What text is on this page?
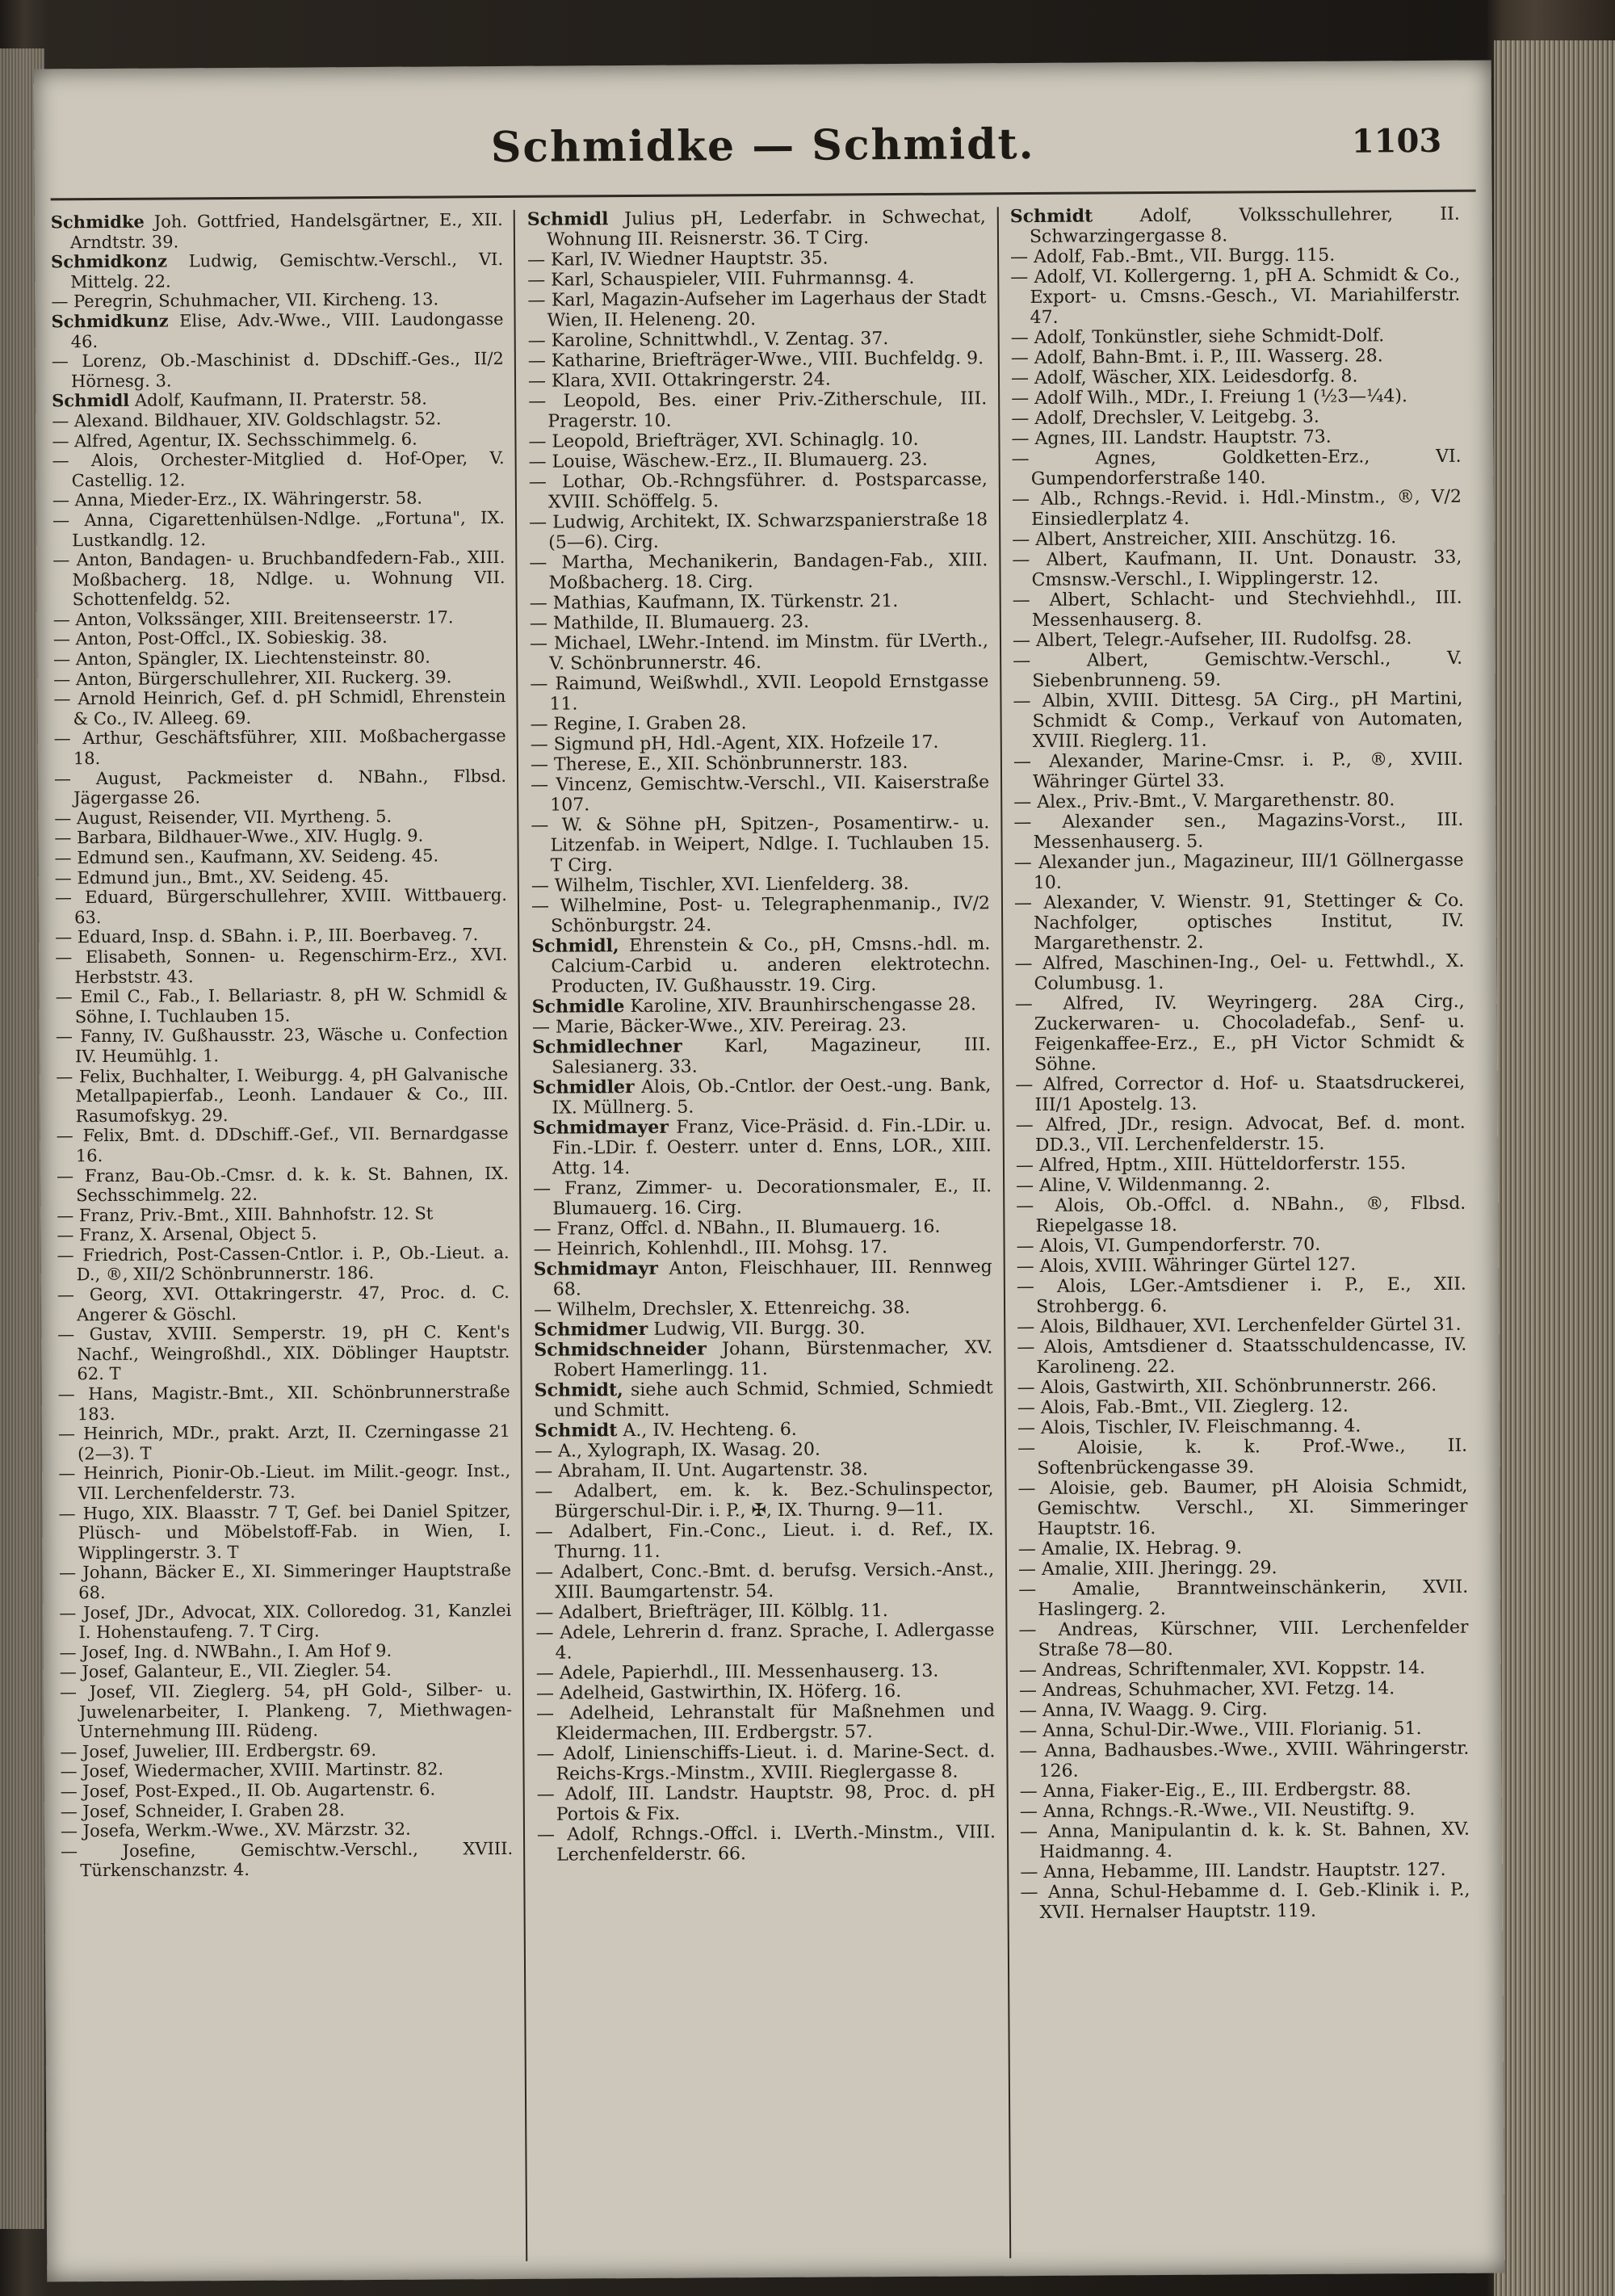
Schmidke — Schmidt.	1103

Schmidke Joh. Gottfried, Handelsgärtner, E., XII. Arndtstr. 39.

Schmidkonz Ludwig, Gemischtw.-Verschl., VI. Mittelg. 22.

— Peregrin, Schuhmacher, VII. Kircheng. 13.

Schmidkunz Elise, Adv.-Wwe., VIII. Laudongasse 46.

— Lorenz, Ob.-Maschinist d. DDschiff.-Ges., II/2 Hörnesg. 3.

Schmidl Adolf, Kaufmann, II. Praterstr. 58.

— Alexand. Bildhauer, XIV. Goldschlagstr. 52.

— Alfred, Agentur, IX. Sechsschimmelg. 6.

— Alois, Orchester-Mitglied d. Hof-Oper, V. Castellig. 12.

— Anna, Mieder-Erz., IX. Währingerstr. 58.

— Anna, Cigarettenhülsen-Ndlge. „Fortuna", IX. Lustkandlg. 12.

— Anton, Bandagen- u. Bruchbandfedern-Fab., XIII. Moßbacherg. 18, Ndlge. u. Wohnung VII. Schottenfeldg. 52.

— Anton, Volkssänger, XIII. Breitenseerstr. 17.

— Anton, Post-Offcl., IX. Sobieskig. 38.

— Anton, Spängler, IX. Liechtensteinstr. 80.

— Anton, Bürgerschullehrer, XII. Ruckerg. 39.

— Arnold Heinrich, Gef. d. pH Schmidl, Ehrenstein & Co., IV. Alleeg. 69.

— Arthur, Geschäftsführer, XIII. Moßbachergasse 18.

— August, Packmeister d. NBahn., Flbsd. Jägergasse 26.

— August, Reisender, VII. Myrtheng. 5.

— Barbara, Bildhauer-Wwe., XIV. Huglg. 9.

— Edmund sen., Kaufmann, XV. Seideng. 45.

— Edmund jun., Bmt., XV. Seideng. 45.

— Eduard, Bürgerschullehrer, XVIII. Wittbauerg. 63.

— Eduard, Insp. d. SBahn. i. P., III. Boerbaveg. 7.

— Elisabeth, Sonnen- u. Regenschirm-Erz., XVI. Herbststr. 43.

— Emil C., Fab., I. Bellariastr. 8, pH W. Schmidl & Söhne, I. Tuchlauben 15.

— Fanny, IV. Gußhausstr. 23, Wäsche u. Confection IV. Heumühlg. 1.

— Felix, Buchhalter, I. Weiburgg. 4, pH Galvanische Metallpapierfab., Leonh. Landauer & Co., III. Rasumofskyg. 29.

— Felix, Bmt. d. DDschiff.-Gef., VII. Bernardgasse 16.

— Franz, Bau-Ob.-Cmsr. d. k. k. St. Bahnen, IX. Sechsschimmelg. 22.

— Franz, Priv.-Bmt., XIII. Bahnhofstr. 12. St

— Franz, X. Arsenal, Object 5.

— Friedrich, Post-Cassen-Cntlor. i. P., Ob.-Lieut. a. D., ®, XII/2 Schönbrunnerstr. 186.

— Georg, XVI. Ottakringerstr. 47, Proc. d. C. Angerer & Göschl.

— Gustav, XVIII. Semperstr. 19, pH C. Kent's Nachf., Weingroßhdl., XIX. Döblinger Hauptstr. 62. T

— Hans, Magistr.-Bmt., XII. Schönbrunnerstraße 183.

— Heinrich, MDr., prakt. Arzt, II. Czerningasse 21 (2—3). T

— Heinrich, Pionir-Ob.-Lieut. im Milit.-geogr. Inst., VII. Lerchenfelderstr. 73.

— Hugo, XIX. Blaasstr. 7 T, Gef. bei Daniel Spitzer, Plüsch- und Möbelstoff-Fab. in Wien, I. Wipplingerstr. 3. T

— Johann, Bäcker E., XI. Simmeringer Hauptstraße 68.

— Josef, JDr., Advocat, XIX. Colloredog. 31, Kanzlei I. Hohenstaufeng. 7. T Cirg.

— Josef, Ing. d. NWBahn., I. Am Hof 9.

— Josef, Galanteur, E., VII. Ziegler. 54.

— Josef, VII. Zieglerg. 54, pH Gold-, Silber- u. Juwelenarbeiter, I. Plankeng. 7, Miethwagen-Unternehmung III. Rüdeng.

— Josef, Juwelier, III. Erdbergstr. 69.

— Josef, Wiedermacher, XVIII. Martinstr. 82.

— Josef, Post-Exped., II. Ob. Augartenstr. 6.

— Josef, Schneider, I. Graben 28.

— Josefa, Werkm.-Wwe., XV. Märzstr. 32.

— Josefine, Gemischtw.-Verschl., XVIII. Türkenschanzstr. 4.

Schmidl Julius pH, Lederfabr. in Schwechat, Wohnung III. Reisnerstr. 36. T Cirg.

— Karl, IV. Wiedner Hauptstr. 35.

— Karl, Schauspieler, VIII. Fuhrmannsg. 4.

— Karl, Magazin-Aufseher im Lagerhaus der Stadt Wien, II. Heleneng. 20.

— Karoline, Schnittwhdl., V. Zentag. 37.

— Katharine, Briefträger-Wwe., VIII. Buchfeldg. 9.

— Klara, XVII. Ottakringerstr. 24.

— Leopold, Bes. einer Priv.-Zitherschule, III. Pragerstr. 10.

— Leopold, Briefträger, XVI. Schinaglg. 10.

— Louise, Wäschew.-Erz., II. Blumauerg. 23.

— Lothar, Ob.-Rchngsführer. d. Postsparcasse, XVIII. Schöffelg. 5.

— Ludwig, Architekt, IX. Schwarzspanierstraße 18 (5—6). Cirg.

— Martha, Mechanikerin, Bandagen-Fab., XIII. Moßbacherg. 18. Cirg.

— Mathias, Kaufmann, IX. Türkenstr. 21.

— Mathilde, II. Blumauerg. 23.

— Michael, LWehr.-Intend. im Minstm. für LVerth., V. Schönbrunnerstr. 46.

— Raimund, Weißwhdl., XVII. Leopold Ernstgasse 11.

— Regine, I. Graben 28.

— Sigmund pH, Hdl.-Agent, XIX. Hofzeile 17.

— Therese, E., XII. Schönbrunnerstr. 183.

— Vincenz, Gemischtw.-Verschl., VII. Kaiserstraße 107.

— W. & Söhne pH, Spitzen-, Posamentirw.- u. Litzenfab. in Weipert, Ndlge. I. Tuchlauben 15. T Cirg.

— Wilhelm, Tischler, XVI. Lienfelderg. 38.

— Wilhelmine, Post- u. Telegraphenmanip., IV/2 Schönburgstr. 24.

Schmidl, Ehrenstein & Co., pH, Cmsns.-hdl. m. Calcium-Carbid u. anderen elektrotechn. Producten, IV. Gußhausstr. 19. Cirg.

Schmidle Karoline, XIV. Braunhirschengasse 28.

— Marie, Bäcker-Wwe., XIV. Pereirag. 23.

Schmidlechner Karl, Magazineur, III. Salesianerg. 33.

Schmidler Alois, Ob.-Cntlor. der Oest.-ung. Bank, IX. Müllnerg. 5.

Schmidmayer Franz, Vice-Präsid. d. Fin.-LDir. u. Fin.-LDir. f. Oesterr. unter d. Enns, LOR., XIII. Attg. 14.

— Franz, Zimmer- u. Decorationsmaler, E., II. Blumauerg. 16. Cirg.

— Franz, Offcl. d. NBahn., II. Blumauerg. 16.

— Heinrich, Kohlenhdl., III. Mohsg. 17.

Schmidmayr Anton, Fleischhauer, III. Rennweg 68.

— Wilhelm, Drechsler, X. Ettenreichg. 38.

Schmidmer Ludwig, VII. Burgg. 30.

Schmidschneider Johann, Bürstenmacher, XV. Robert Hamerlingg. 11.

Schmidt, siehe auch Schmid, Schmied, Schmiedt und Schmitt.

Schmidt A., IV. Hechteng. 6.

— A., Xylograph, IX. Wasag. 20.

— Abraham, II. Unt. Augartenstr. 38.

— Adalbert, em. k. k. Bez.-Schulinspector, Bürgerschul-Dir. i. P., ✠, IX. Thurng. 9—11.

— Adalbert, Fin.-Conc., Lieut. i. d. Ref., IX. Thurng. 11.

— Adalbert, Conc.-Bmt. d. berufsg. Versich.-Anst., XIII. Baumgartenstr. 54.

— Adalbert, Briefträger, III. Kölblg. 11.

— Adele, Lehrerin d. franz. Sprache, I. Adlergasse 4.

— Adele, Papierhdl., III. Messenhauserg. 13.

— Adelheid, Gastwirthin, IX. Höferg. 16.

— Adelheid, Lehranstalt für Maßnehmen und Kleidermachen, III. Erdbergstr. 57.

— Adolf, Linienschiffs-Lieut. i. d. Marine-Sect. d. Reichs-Krgs.-Minstm., XVIII. Rieglergasse 8.

— Adolf, III. Landstr. Hauptstr. 98, Proc. d. pH Portois & Fix.

— Adolf, Rchngs.-Offcl. i. LVerth.-Minstm., VIII. Lerchenfelderstr. 66.

Schmidt Adolf, Volksschullehrer, II. Schwarzingergasse 8.

— Adolf, Fab.-Bmt., VII. Burgg. 115.

— Adolf, VI. Kollergerng. 1, pH A. Schmidt & Co., Export- u. Cmsns.-Gesch., VI. Mariahilferstr. 47.

— Adolf, Tonkünstler, siehe Schmidt-Dolf.

— Adolf, Bahn-Bmt. i. P., III. Wasserg. 28.

— Adolf, Wäscher, XIX. Leidesdorfg. 8.

— Adolf Wilh., MDr., I. Freiung 1 (½3—¼4).

— Adolf, Drechsler, V. Leitgebg. 3.

— Agnes, III. Landstr. Hauptstr. 73.

— Agnes, Goldketten-Erz., VI. Gumpendorferstraße 140.

— Alb., Rchngs.-Revid. i. Hdl.-Minstm., ®, V/2 Einsiedlerplatz 4.

— Albert, Anstreicher, XIII. Anschützg. 16.

— Albert, Kaufmann, II. Unt. Donaustr. 33, Cmsnsw.-Verschl., I. Wipplingerstr. 12.

— Albert, Schlacht- und Stechviehhdl., III. Messenhauserg. 8.

— Albert, Telegr.-Aufseher, III. Rudolfsg. 28.

— Albert, Gemischtw.-Verschl., V. Siebenbrunneng. 59.

— Albin, XVIII. Dittesg. 5A Cirg., pH Martini, Schmidt & Comp., Verkauf von Automaten, XVIII. Rieglerg. 11.

— Alexander, Marine-Cmsr. i. P., ®, XVIII. Währinger Gürtel 33.

— Alex., Priv.-Bmt., V. Margarethenstr. 80.

— Alexander sen., Magazins-Vorst., III. Messenhauserg. 5.

— Alexander jun., Magazineur, III/1 Göllnergasse 10.

— Alexander, V. Wienstr. 91, Stettinger & Co. Nachfolger, optisches Institut, IV. Margarethenstr. 2.

— Alfred, Maschinen-Ing., Oel- u. Fettwhdl., X. Columbusg. 1.

— Alfred, IV. Weyringerg. 28A Cirg., Zuckerwaren- u. Chocoladefab., Senf- u. Feigenkaffee-Erz., E., pH Victor Schmidt & Söhne.

— Alfred, Corrector d. Hof- u. Staatsdruckerei, III/1 Apostelg. 13.

— Alfred, JDr., resign. Advocat, Bef. d. mont. DD.3., VII. Lerchenfelderstr. 15.

— Alfred, Hptm., XIII. Hütteldorferstr. 155.

— Aline, V. Wildenmanng. 2.

— Alois, Ob.-Offcl. d. NBahn., ®, Flbsd. Riepelgasse 18.

— Alois, VI. Gumpendorferstr. 70.

— Alois, XVIII. Währinger Gürtel 127.

— Alois, LGer.-Amtsdiener i. P., E., XII. Strohbergg. 6.

— Alois, Bildhauer, XVI. Lerchenfelder Gürtel 31.

— Alois, Amtsdiener d. Staatsschuldencasse, IV. Karolineng. 22.

— Alois, Gastwirth, XII. Schönbrunnerstr. 266.

— Alois, Fab.-Bmt., VII. Zieglerg. 12.

— Alois, Tischler, IV. Fleischmanng. 4.

— Aloisie, k. k. Prof.-Wwe., II. Softenbrückengasse 39.

— Aloisie, geb. Baumer, pH Aloisia Schmidt, Gemischtw. Verschl., XI. Simmeringer Hauptstr. 16.

— Amalie, IX. Hebrag. 9.

— Amalie, XIII. Jheringg. 29.

— Amalie, Branntweinschänkerin, XVII. Haslingerg. 2.

— Andreas, Kürschner, VIII. Lerchenfelder Straße 78—80.

— Andreas, Schriftenmaler, XVI. Koppstr. 14.

— Andreas, Schuhmacher, XVI. Fetzg. 14.

— Anna, IV. Waagg. 9. Cirg.

— Anna, Schul-Dir.-Wwe., VIII. Florianig. 51.

— Anna, Badhausbes.-Wwe., XVIII. Währingerstr. 126.

— Anna, Fiaker-Eig., E., III. Erdbergstr. 88.

— Anna, Rchngs.-R.-Wwe., VII. Neustiftg. 9.

— Anna, Manipulantin d. k. k. St. Bahnen, XV. Haidmanng. 4.

— Anna, Hebamme, III. Landstr. Hauptstr. 127.

— Anna, Schul-Hebamme d. I. Geb.-Klinik i. P., XVII. Hernalser Hauptstr. 119.
